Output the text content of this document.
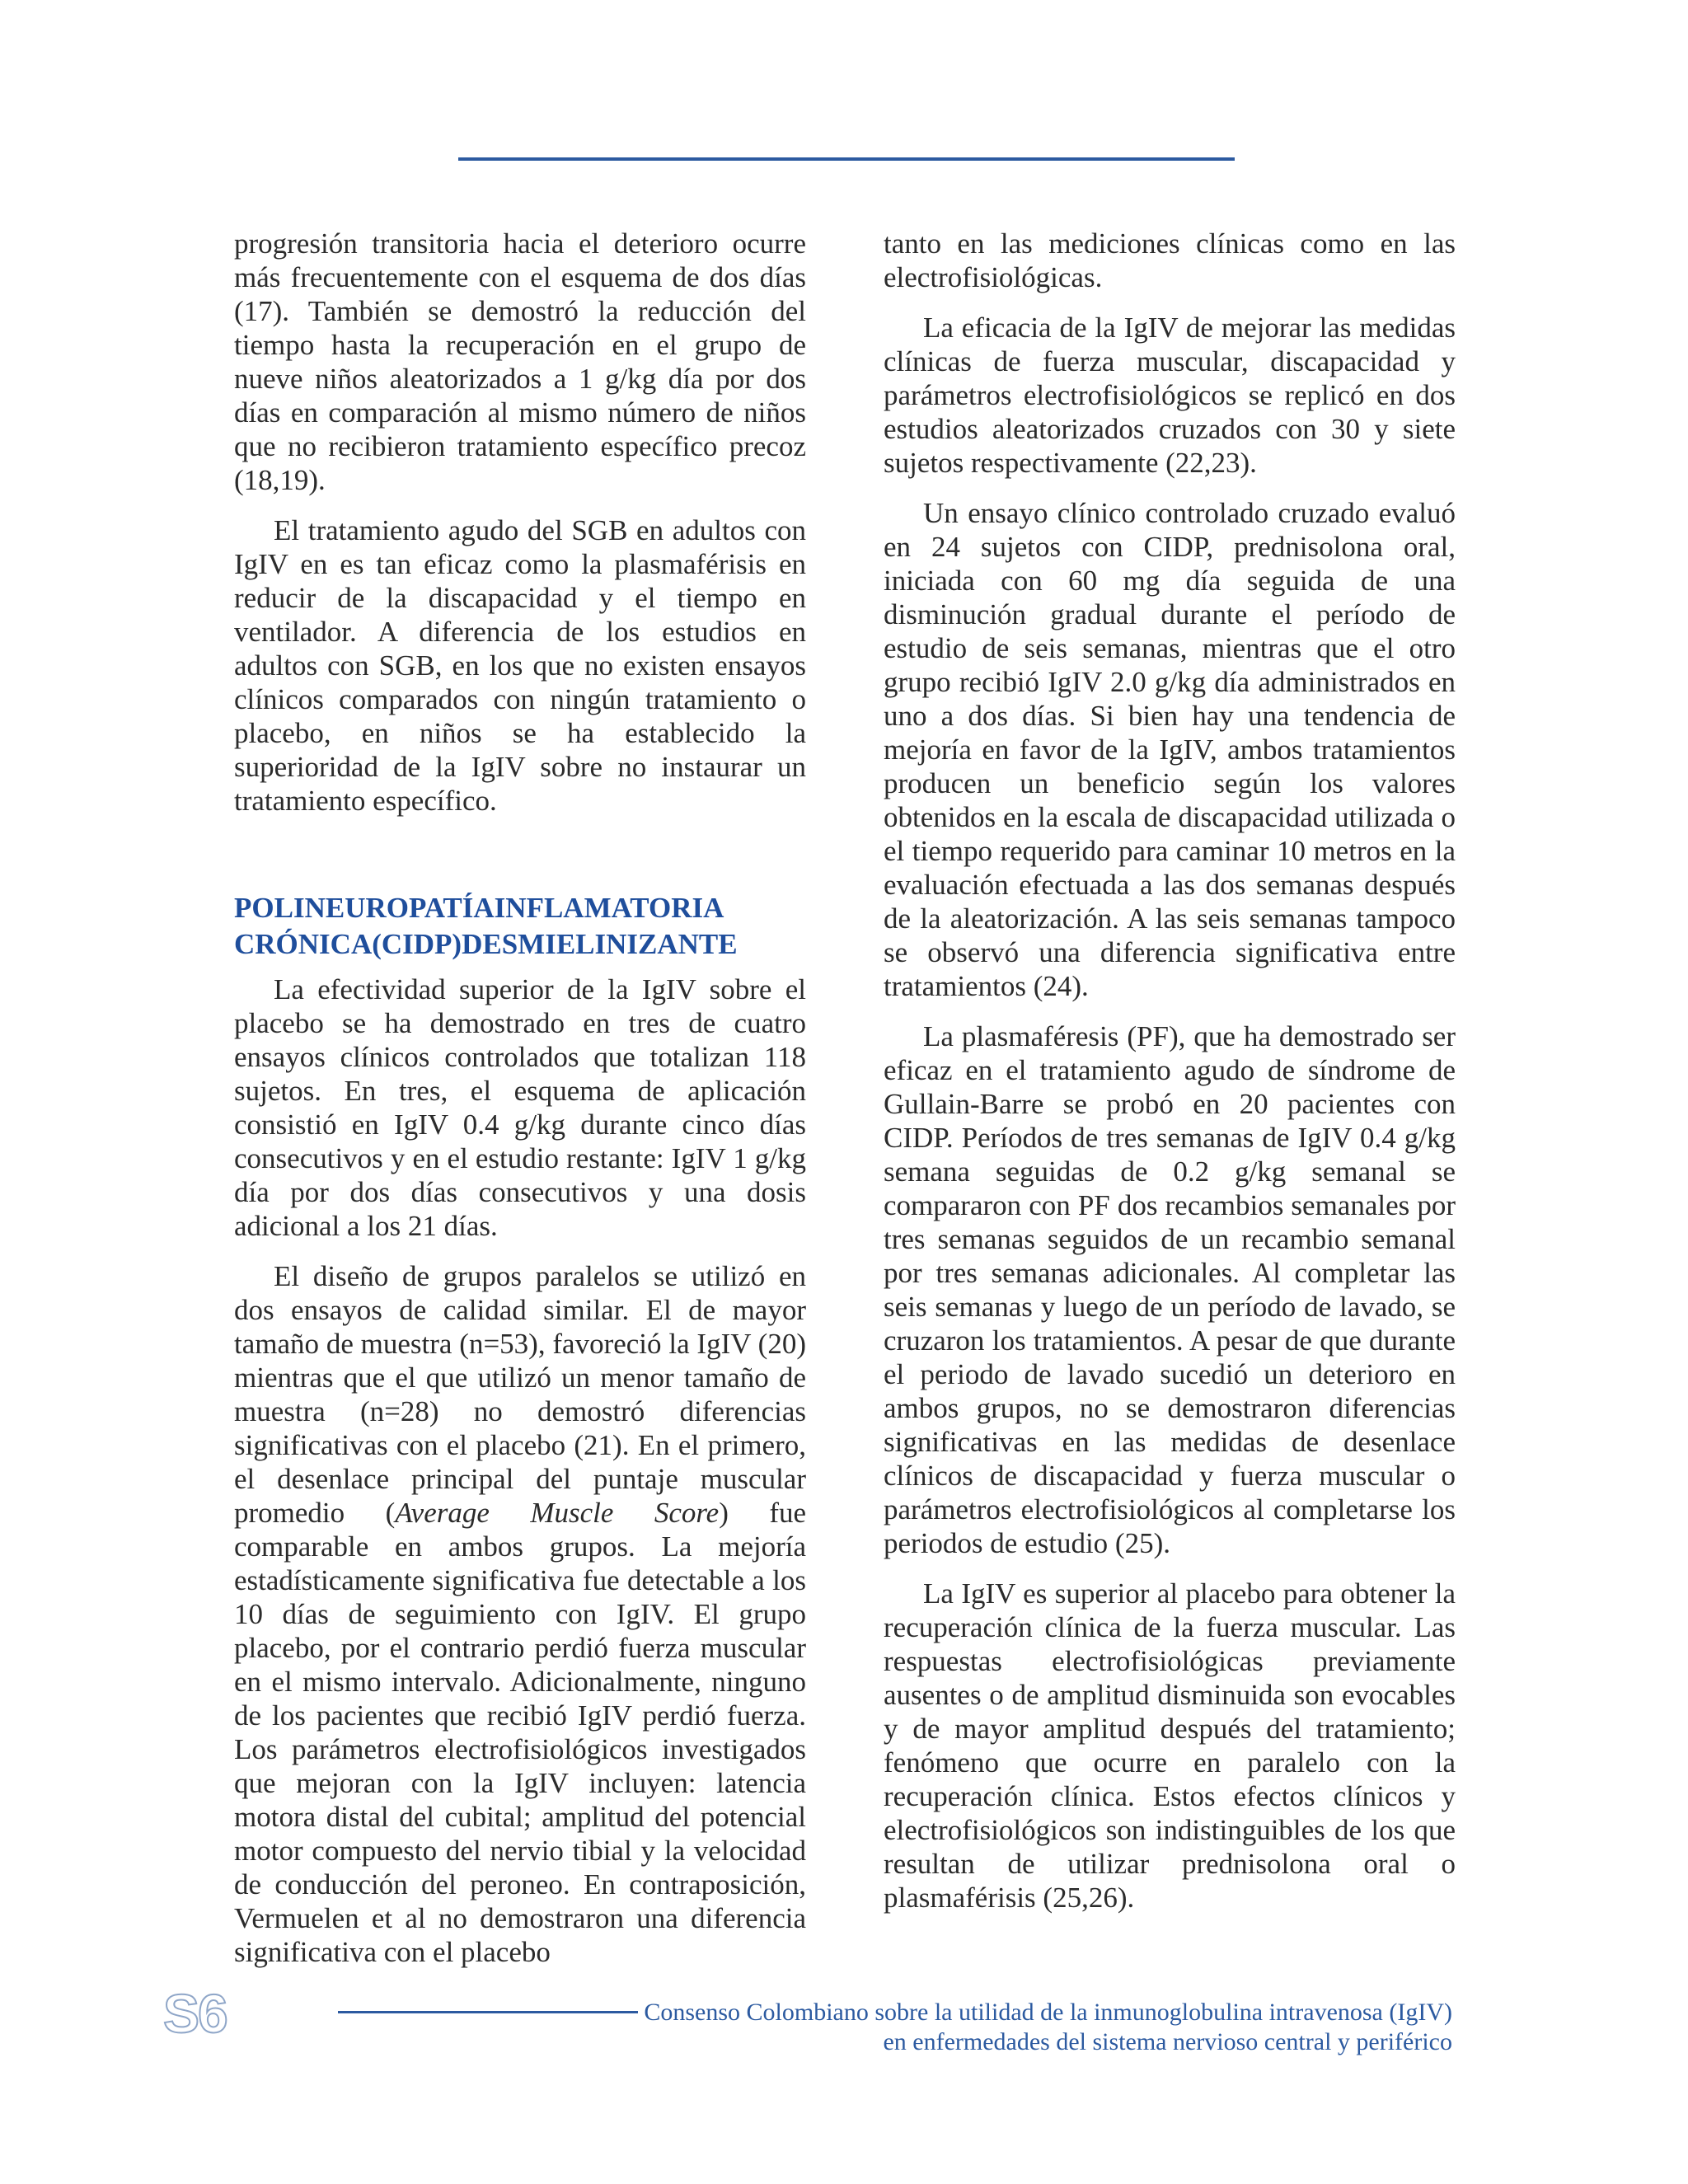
progresión transitoria hacia el deterioro ocurre más frecuentemente con el esquema de dos días (17). También se demostró la reducción del tiempo hasta la recuperación en el grupo de nueve niños aleatorizados a 1 g/kg día por dos días en comparación al mismo número de niños que no recibieron tratamiento específico precoz (18,19).

El tratamiento agudo del SGB en adultos con IgIV en es tan eficaz como la plasmaférisis en reducir de la discapacidad y el tiempo en ventilador. A diferencia de los estudios en adultos con SGB, en los que no existen ensayos clínicos comparados con ningún tratamiento o placebo, en niños se ha establecido la superioridad de la IgIV sobre no instaurar un tratamiento específico.

POLINEUROPATÍAINFLAMATORIA
CRÓNICA(CIDP)DESMIELINIZANTE

La efectividad superior de la IgIV sobre el placebo se ha demostrado en tres de cuatro ensayos clínicos controlados que totalizan 118 sujetos. En tres, el esquema de aplicación consistió en IgIV 0.4 g/kg durante cinco días consecutivos y en el estudio restante: IgIV 1 g/kg día por dos días consecutivos y una dosis adicional a los 21 días.

El diseño de grupos paralelos se utilizó en dos ensayos de calidad similar. El de mayor tamaño de muestra (n=53), favoreció la IgIV (20) mientras que el que utilizó un menor tamaño de muestra (n=28) no demostró diferencias significativas con el placebo (21). En el primero, el desenlace principal del puntaje muscular promedio (Average Muscle Score) fue comparable en ambos grupos. La mejoría estadísticamente significativa fue detectable a los 10 días de seguimiento con IgIV. El grupo placebo, por el contrario perdió fuerza muscular en el mismo intervalo. Adicionalmente, ninguno de los pacientes que recibió IgIV perdió fuerza. Los parámetros electrofisiológicos investigados que mejoran con la IgIV incluyen: latencia motora distal del cubital; amplitud del potencial motor compuesto del nervio tibial y la velocidad de conducción del peroneo. En contraposición, Vermuelen et al no demostraron una diferencia significativa con el placebo

tanto en las mediciones clínicas como en las electrofisiológicas.

La eficacia de la IgIV de mejorar las medidas clínicas de fuerza muscular, discapacidad y parámetros electrofisiológicos se replicó en dos estudios aleatorizados cruzados con 30 y siete sujetos respectivamente (22,23).

Un ensayo clínico controlado cruzado evaluó en 24 sujetos con CIDP, prednisolona oral, iniciada con 60 mg día seguida de una disminución gradual durante el período de estudio de seis semanas, mientras que el otro grupo recibió IgIV 2.0 g/kg día administrados en uno a dos días. Si bien hay una tendencia de mejoría en favor de la IgIV, ambos tratamientos producen un beneficio según los valores obtenidos en la escala de discapacidad utilizada o el tiempo requerido para caminar 10 metros en la evaluación efectuada a las dos semanas después de la aleatorización. A las seis semanas tampoco se observó una diferencia significativa entre tratamientos (24).

La plasmaféresis (PF), que ha demostrado ser eficaz en el tratamiento agudo de síndrome de Gullain-Barre se probó en 20 pacientes con CIDP. Períodos de tres semanas de IgIV 0.4 g/kg semana seguidas de 0.2 g/kg semanal se compararon con PF dos recambios semanales por tres semanas seguidos de un recambio semanal por tres semanas adicionales. Al completar las seis semanas y luego de un período de lavado, se cruzaron los tratamientos. A pesar de que durante el periodo de lavado sucedió un deterioro en ambos grupos, no se demostraron diferencias significativas en las medidas de desenlace clínicos de discapacidad y fuerza muscular o parámetros electrofisiológicos al completarse los periodos de estudio (25).

La IgIV es superior al placebo para obtener la recuperación clínica de la fuerza muscular. Las respuestas electrofisiológicas previamente ausentes o de amplitud disminuida son evocables y de mayor amplitud después del tratamiento; fenómeno que ocurre en paralelo con la recuperación clínica. Estos efectos clínicos y electrofisiológicos son indistinguibles de los que resultan de utilizar prednisolona oral o plasmaférisis (25,26).

S6	Consenso Colombiano sobre la utilidad de la inmunoglobulina intravenosa (IgIV)
en enfermedades del sistema nervioso central y periférico
